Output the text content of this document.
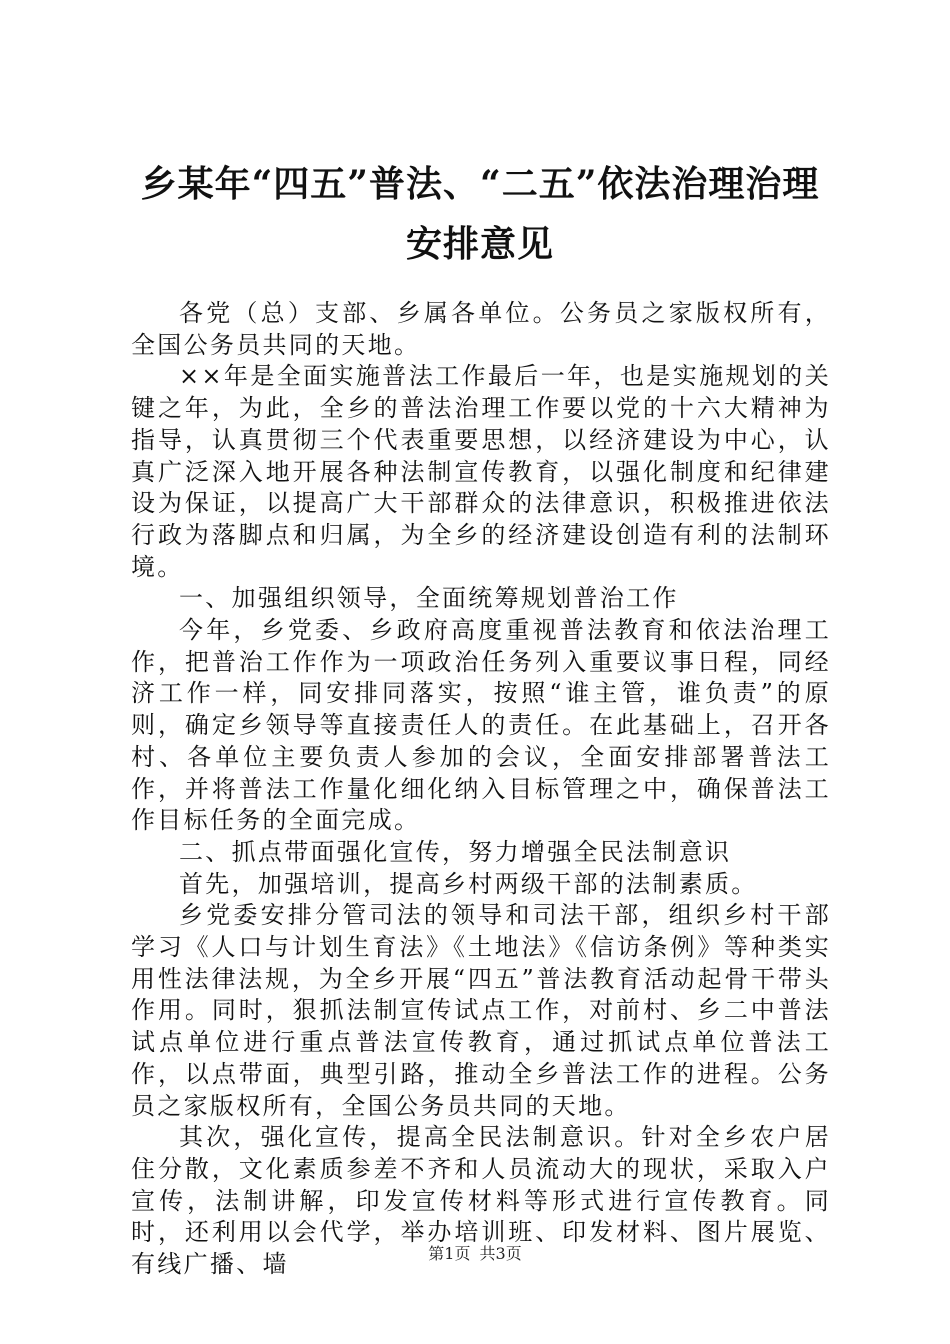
乡某年“四五”普法、“二五”依法治理治理
安排意见

各党（总）支部、乡属各单位。公务员之家版权所有，全国公务员共同的天地。

××年是全面实施普法工作最后一年，也是实施规划的关键之年，为此，全乡的普法治理工作要以党的十六大精神为指导，认真贯彻三个代表重要思想，以经济建设为中心，认真广泛深入地开展各种法制宣传教育，以强化制度和纪律建设为保证，以提高广大干部群众的法律意识，积极推进依法行政为落脚点和归属，为全乡的经济建设创造有利的法制环境。

一、加强组织领导，全面统筹规划普治工作

今年，乡党委、乡政府高度重视普法教育和依法治理工作，把普治工作作为一项政治任务列入重要议事日程，同经济工作一样，同安排同落实，按照“谁主管，谁负责”的原则，确定乡领导等直接责任人的责任。在此基础上，召开各村、各单位主要负责人参加的会议，全面安排部署普法工作，并将普法工作量化细化纳入目标管理之中，确保普法工作目标任务的全面完成。

二、抓点带面强化宣传，努力增强全民法制意识

首先，加强培训，提高乡村两级干部的法制素质。

乡党委安排分管司法的领导和司法干部，组织乡村干部学习《人口与计划生育法》《土地法》《信访条例》等种类实用性法律法规，为全乡开展“四五”普法教育活动起骨干带头作用。同时，狠抓法制宣传试点工作，对前村、乡二中普法试点单位进行重点普法宣传教育，通过抓试点单位普法工作，以点带面，典型引路，推动全乡普法工作的进程。公务员之家版权所有，全国公务员共同的天地。

其次，强化宣传，提高全民法制意识。针对全乡农户居住分散，文化素质参差不齐和人员流动大的现状，采取入户宣传，法制讲解，印发宣传材料等形式进行宣传教育。同时，还利用以会代学，举办培训班、印发材料、图片展览、有线广播、墙	第1页 共3页
